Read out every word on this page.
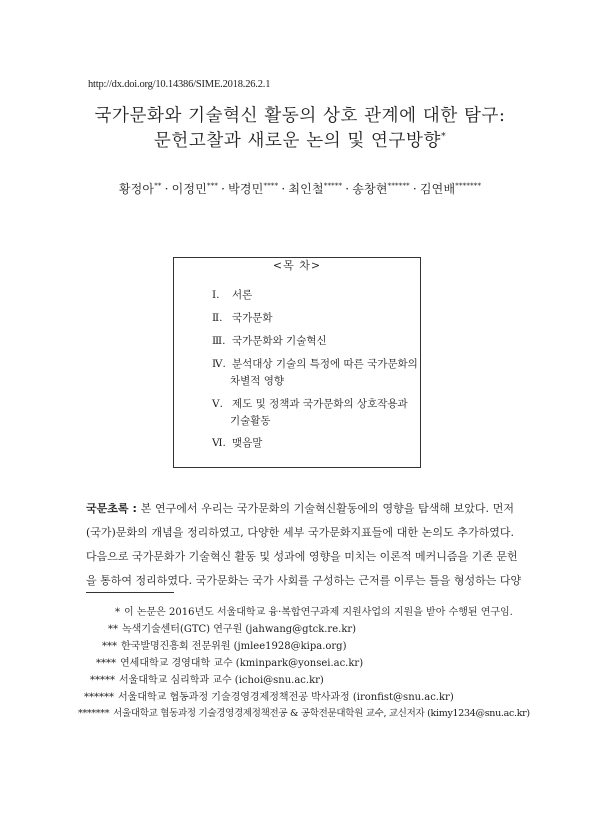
http://dx.doi.org/10.14386/SIME.2018.26.2.1
국가문화와 기술혁신 활동의 상호 관계에 대한 탐구:
문헌고찰과 새로운 논의 및 연구방향*
황정아** · 이정민*** · 박경민**** · 최인철***** · 송창현****** · 김연배*******
<목 차>
Ⅰ. 서론
Ⅱ. 국가문화
Ⅲ. 국가문화와 기술혁신
Ⅳ. 분석대상 기술의 특정에 따른 국가문화의
차별적 영향
Ⅴ. 제도 및 정책과 국가문화의 상호작용과
기술활동
Ⅵ. 맺음말
국문초록 : 본 연구에서 우리는 국가문화의 기술혁신활동에의 영향을 탐색해 보았다. 먼저
(국가)문화의 개념을 정리하였고, 다양한 세부 국가문화지표들에 대한 논의도 추가하였다.
다음으로 국가문화가 기술혁신 활동 및 성과에 영향을 미치는 이론적 메커니즘을 기존 문헌
을 통하여 정리하였다. 국가문화는 국가 사회를 구성하는 근저를 이루는 틀을 형성하는 다양
* 이 논문은 2016년도 서울대학교 융·복합연구과제 지원사업의 지원을 받아 수행된 연구임.
** 녹색기술센터(GTC) 연구원 (jahwang@gtck.re.kr)
*** 한국발명진흥회 전문위원 (jmlee1928@kipa.org)
**** 연세대학교 경영대학 교수 (kminpark@yonsei.ac.kr)
***** 서울대학교 심리학과 교수 (ichoi@snu.ac.kr)
****** 서울대학교 협동과정 기술경영경제정책전공 박사과정 (ironfist@snu.ac.kr)
******* 서울대학교 협동과정 기술경영경제정책전공 & 공학전문대학원 교수, 교신저자 (kimy1234@snu.ac.kr)
